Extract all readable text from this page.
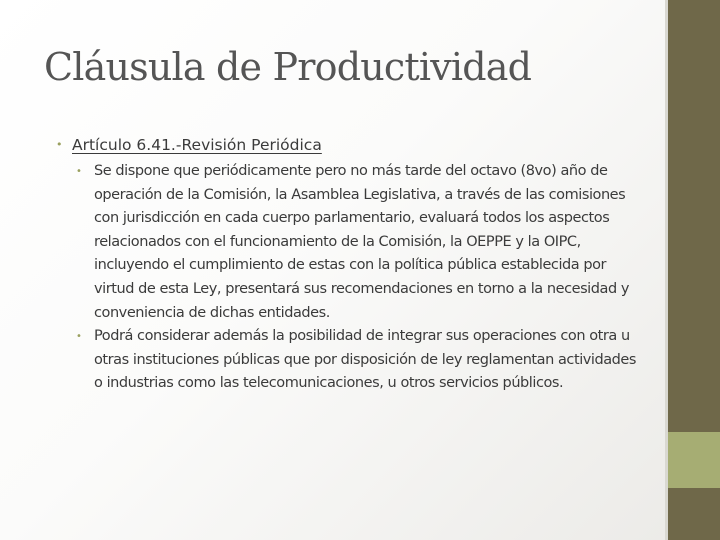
Cláusula de Productividad
• Artículo 6.41.-Revisión Periódica
• Se dispone que periódicamente pero no más tarde del octavo (8vo) año de operación de la Comisión, la Asamblea Legislativa, a través de las comisiones con jurisdicción en cada cuerpo parlamentario, evaluará todos los aspectos relacionados con el funcionamiento de la Comisión, la OEPPE y la OIPC, incluyendo el cumplimiento de estas con la política pública establecida por virtud de esta Ley, presentará sus recomendaciones en torno a la necesidad y conveniencia de dichas entidades.
• Podrá considerar además la posibilidad de integrar sus operaciones con otra u otras instituciones públicas que por disposición de ley reglamentan actividades o industrias como las telecomunicaciones, u otros servicios públicos.
